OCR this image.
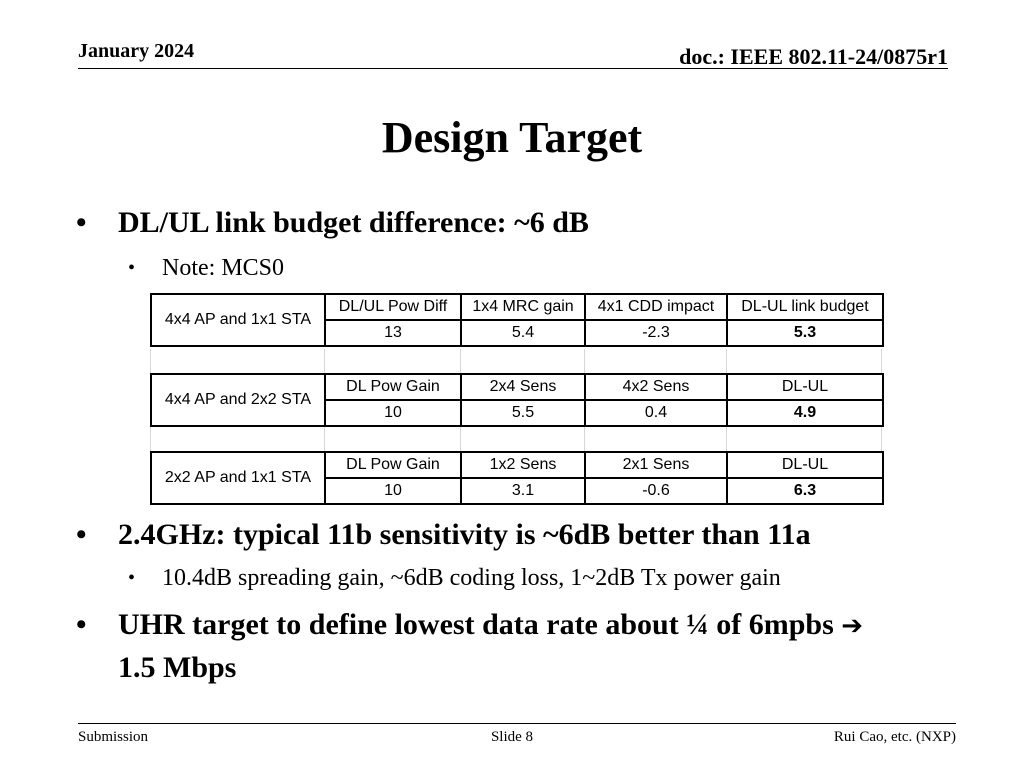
January 2024	doc.: IEEE 802.11-24/0875r1
Design Target
• DL/UL link budget difference: ~6 dB
• Note: MCS0
4x4 AP and 1x1 STA	DL/UL Pow Diff	1x4 MRC gain	4x1 CDD impact	DL-UL link budget
	13	5.4	-2.3	5.3
4x4 AP and 2x2 STA	DL Pow Gain	2x4 Sens	4x2 Sens	DL-UL
	10	5.5	0.4	4.9
2x2 AP and 1x1 STA	DL Pow Gain	1x2 Sens	2x1 Sens	DL-UL
	10	3.1	-0.6	6.3
• 2.4GHz: typical 11b sensitivity is ~6dB better than 11a
• 10.4dB spreading gain, ~6dB coding loss, 1~2dB Tx power gain
• UHR target to define lowest data rate about ¼ of 6mpbs ➔
1.5 Mbps
Submission	Slide 8	Rui Cao, etc. (NXP)
